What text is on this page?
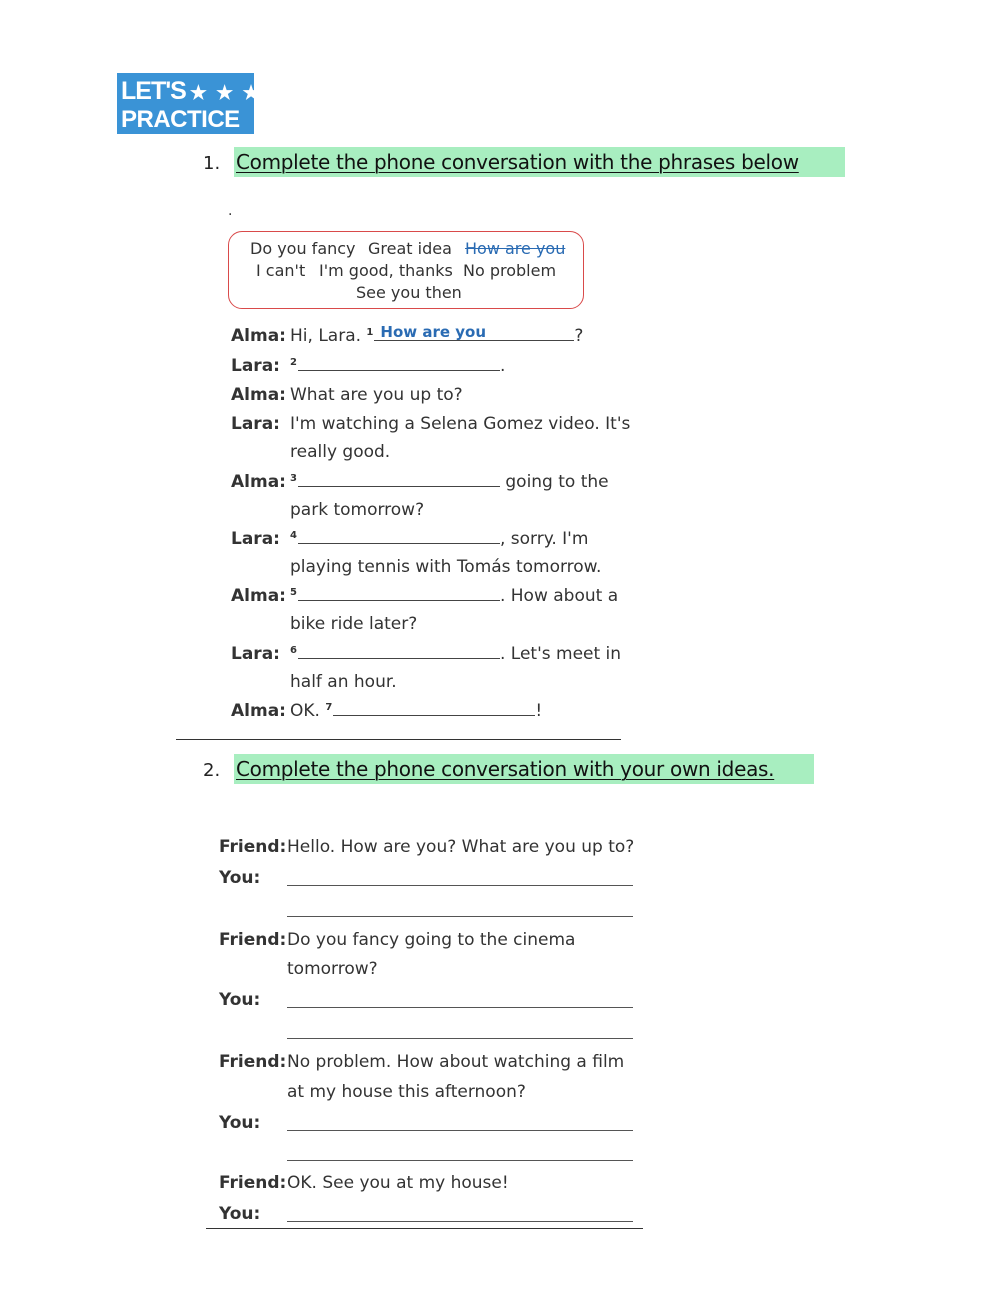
LET'S ★ ★ ★
PRACTICE
1. Complete the phone conversation with the phrases below
.
Do you fancy Great idea How are you
I can't I'm good, thanks No problem
See you then
Alma: Hi, Lara. $^1$ How are you	?
Lara: $^2$	.
Alma: What are you up to?
Lara: I'm watching a Selena Gomez video. It's
really good.
Alma: $^3$	going to the
park tomorrow?
Lara: $^4$	, sorry. I'm
playing tennis with Tomás tomorrow.
Alma: $^5$	. How about a
bike ride later?
Lara: $^6$	. Let's meet in
half an hour.
Alma: OK. $^7$	!
2. Complete the phone conversation with your own ideas.
Friend: Hello. How are you? What are you up to?
You:
Friend: Do you fancy going to the cinema
tomorrow?
You:
Friend: No problem. How about watching a film
at my house this afternoon?
You:
Friend: OK. See you at my house!
You:
